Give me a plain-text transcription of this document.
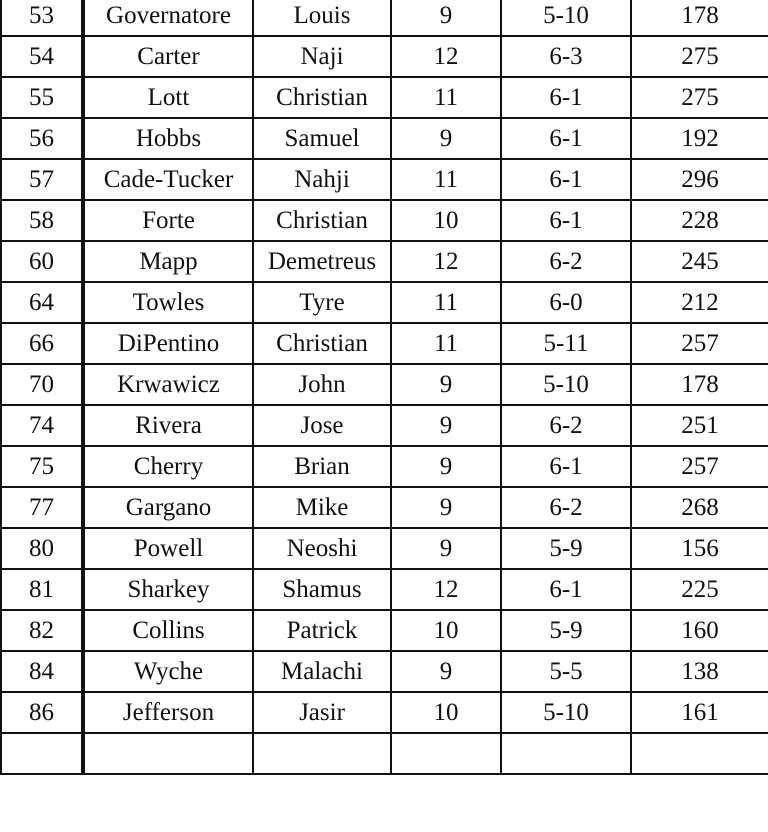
53	Governatore	Louis	9	5-10	178
54	Carter	Naji	12	6-3	275
55	Lott	Christian	11	6-1	275
56	Hobbs	Samuel	9	6-1	192
57	Cade-Tucker	Nahji	11	6-1	296
58	Forte	Christian	10	6-1	228
60	Mapp	Demetreus	12	6-2	245
64	Towles	Tyre	11	6-0	212
66	DiPentino	Christian	11	5-11	257
70	Krwawicz	John	9	5-10	178
74	Rivera	Jose	9	6-2	251
75	Cherry	Brian	9	6-1	257
77	Gargano	Mike	9	6-2	268
80	Powell	Neoshi	9	5-9	156
81	Sharkey	Shamus	12	6-1	225
82	Collins	Patrick	10	5-9	160
84	Wyche	Malachi	9	5-5	138
86	Jefferson	Jasir	10	5-10	161
